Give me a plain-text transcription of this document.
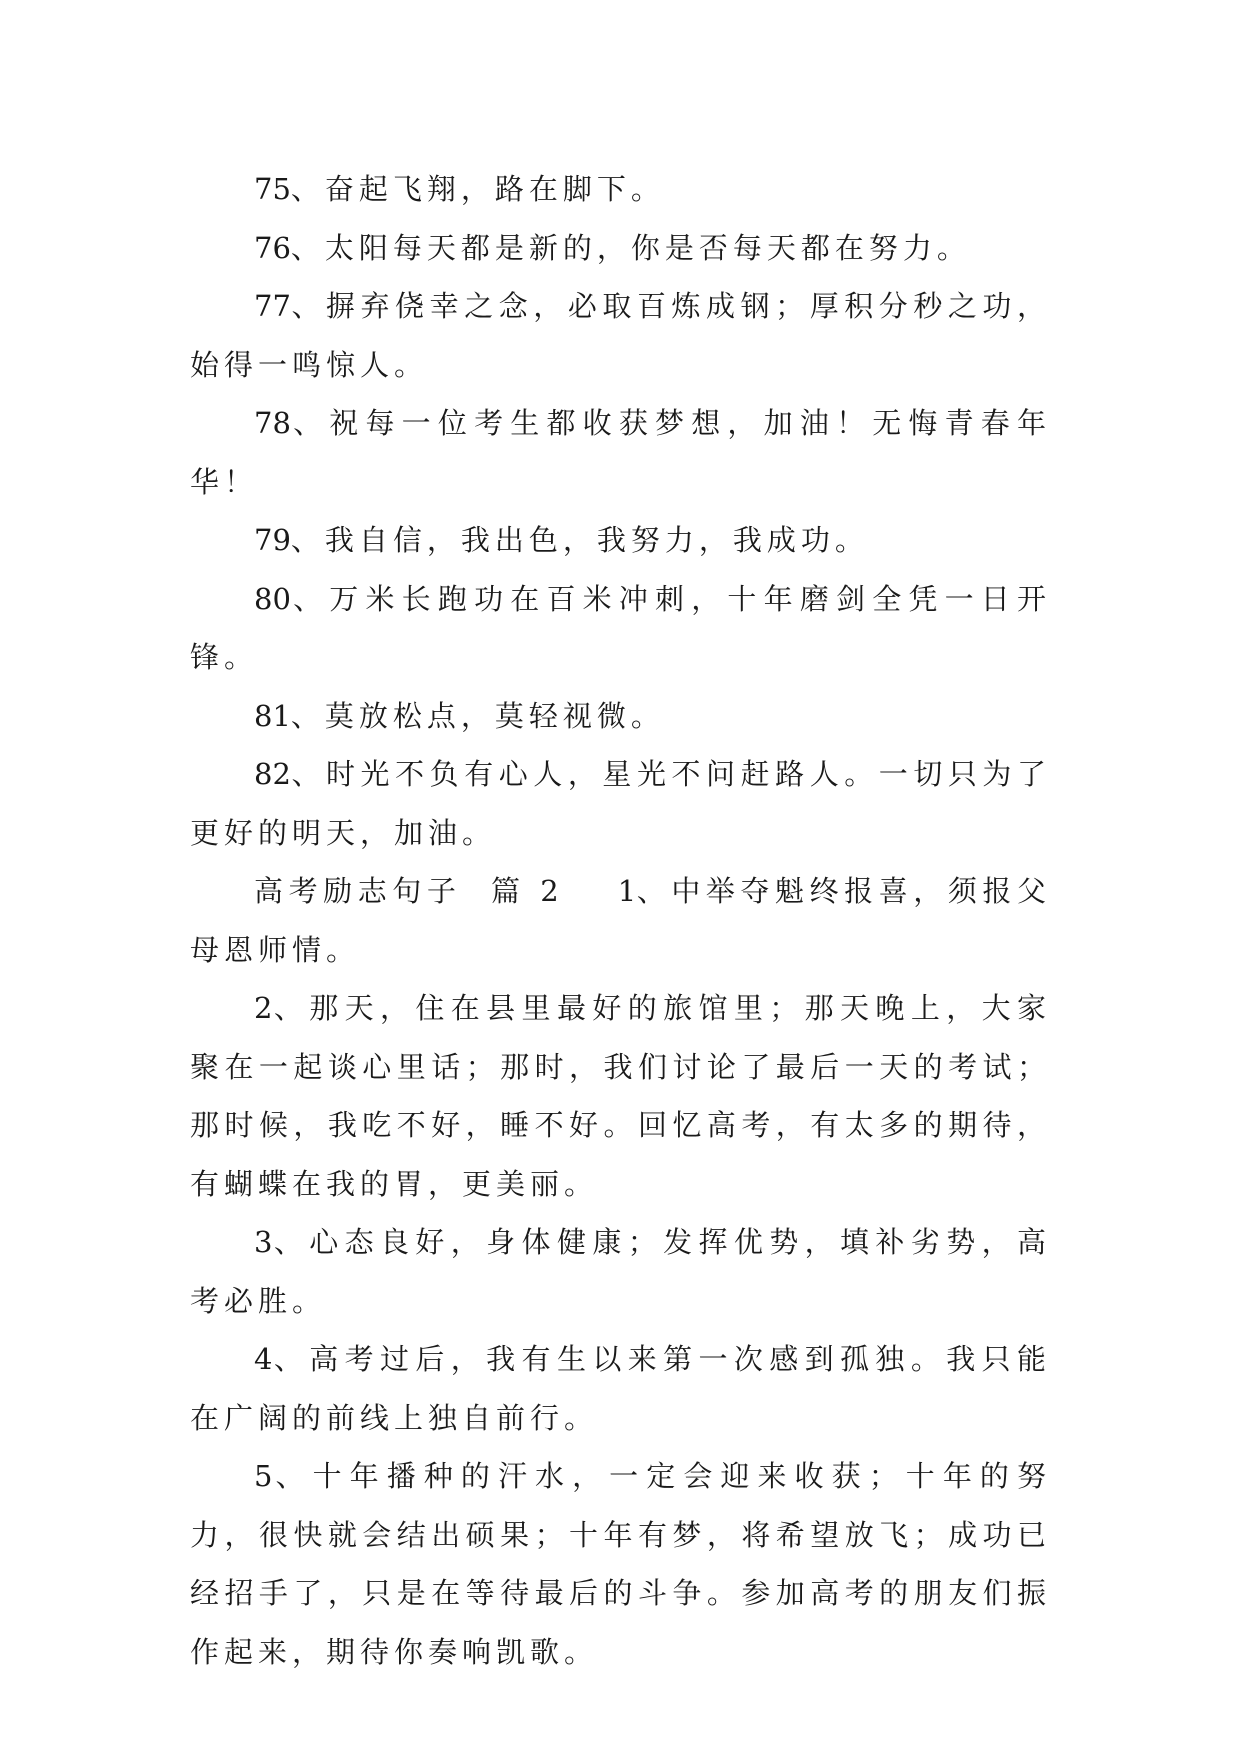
75、奋起飞翔，路在脚下。

76、太阳每天都是新的，你是否每天都在努力。

77、摒弃侥幸之念，必取百炼成钢；厚积分秒之功，始得一鸣惊人。

78、祝每一位考生都收获梦想，加油！无悔青春年华！

79、我自信，我出色，我努力，我成功。

80、万米长跑功在百米冲刺，十年磨剑全凭一日开锋。

81、莫放松点，莫轻视微。

82、时光不负有心人，星光不问赶路人。一切只为了更好的明天，加油。

高考励志句子  篇 2 1、中举夺魁终报喜，须报父母恩师情。

2、那天，住在县里最好的旅馆里；那天晚上，大家聚在一起谈心里话；那时，我们讨论了最后一天的考试；那时候，我吃不好，睡不好。回忆高考，有太多的期待，有蝴蝶在我的胃，更美丽。

3、心态良好，身体健康；发挥优势，填补劣势，高考必胜。

4、高考过后，我有生以来第一次感到孤独。我只能在广阔的前线上独自前行。

5、十年播种的汗水，一定会迎来收获；十年的努力，很快就会结出硕果；十年有梦，将希望放飞；成功已经招手了，只是在等待最后的斗争。参加高考的朋友们振作起来，期待你奏响凯歌。
